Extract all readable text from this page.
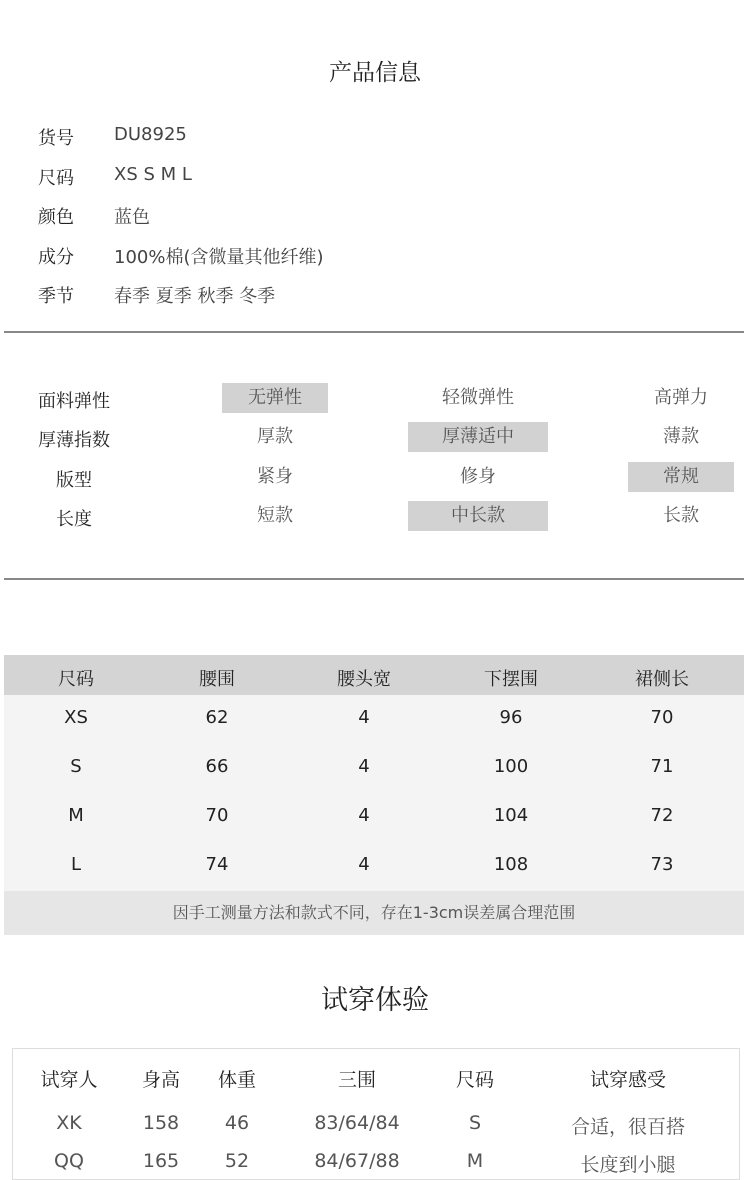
产品信息
货号	DU8925
尺码	XS S M L
颜色	蓝色
成分	100%棉(含微量其他纤维)
季节	春季 夏季 秋季 冬季
面料弹性	无弹性	轻微弹性	高弹力
厚薄指数	厚款	厚薄适中	薄款
版型	紧身	修身	常规
长度	短款	中长款	长款
尺码	腰围	腰头宽	下摆围	裙侧长
XS	62	4	96	70
S	66	4	100	71
M	70	4	104	72
L	74	4	108	73
因手工测量方法和款式不同，存在1-3cm误差属合理范围
试穿体验
试穿人	身高	体重	三围	尺码	试穿感受
XK	158	46	83/64/84	S	合适，很百搭
QQ	165	52	84/67/88	M	长度到小腿
